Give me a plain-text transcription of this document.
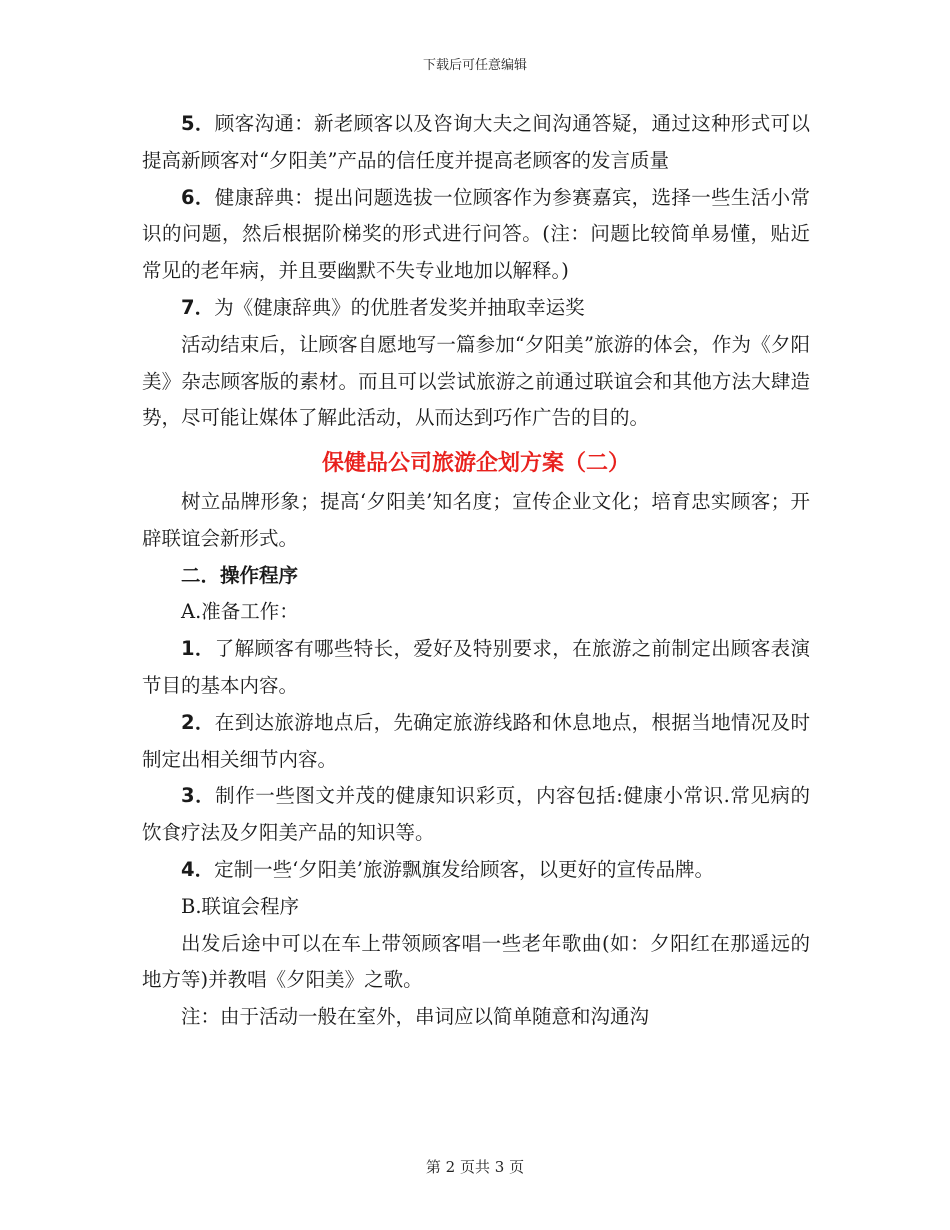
下载后可任意编辑

5．顾客沟通：新老顾客以及咨询大夫之间沟通答疑，通过这种形式可以提高新顾客对“夕阳美”产品的信任度并提高老顾客的发言质量

6．健康辞典：提出问题选拔一位顾客作为参赛嘉宾，选择一些生活小常识的问题，然后根据阶梯奖的形式进行问答。(注：问题比较简单易懂，贴近常见的老年病，并且要幽默不失专业地加以解释。)

7．为《健康辞典》的优胜者发奖并抽取幸运奖

活动结束后，让顾客自愿地写一篇参加“夕阳美”旅游的体会，作为《夕阳美》杂志顾客版的素材。而且可以尝试旅游之前通过联谊会和其他方法大肆造势，尽可能让媒体了解此活动，从而达到巧作广告的目的。

保健品公司旅游企划方案（二）

树立品牌形象；提高‘夕阳美’知名度；宣传企业文化；培育忠实顾客；开辟联谊会新形式。

二．操作程序

A.准备工作：

1．了解顾客有哪些特长，爱好及特别要求，在旅游之前制定出顾客表演节目的基本内容。

2．在到达旅游地点后，先确定旅游线路和休息地点，根据当地情况及时制定出相关细节内容。

3．制作一些图文并茂的健康知识彩页，内容包括:健康小常识.常见病的饮食疗法及夕阳美产品的知识等。

4．定制一些‘夕阳美’旅游飘旗发给顾客，以更好的宣传品牌。

B.联谊会程序

出发后途中可以在车上带领顾客唱一些老年歌曲(如：夕阳红在那遥远的地方等)并教唱《夕阳美》之歌。

注：由于活动一般在室外，串词应以简单随意和沟通沟

第 2 页共 3 页
